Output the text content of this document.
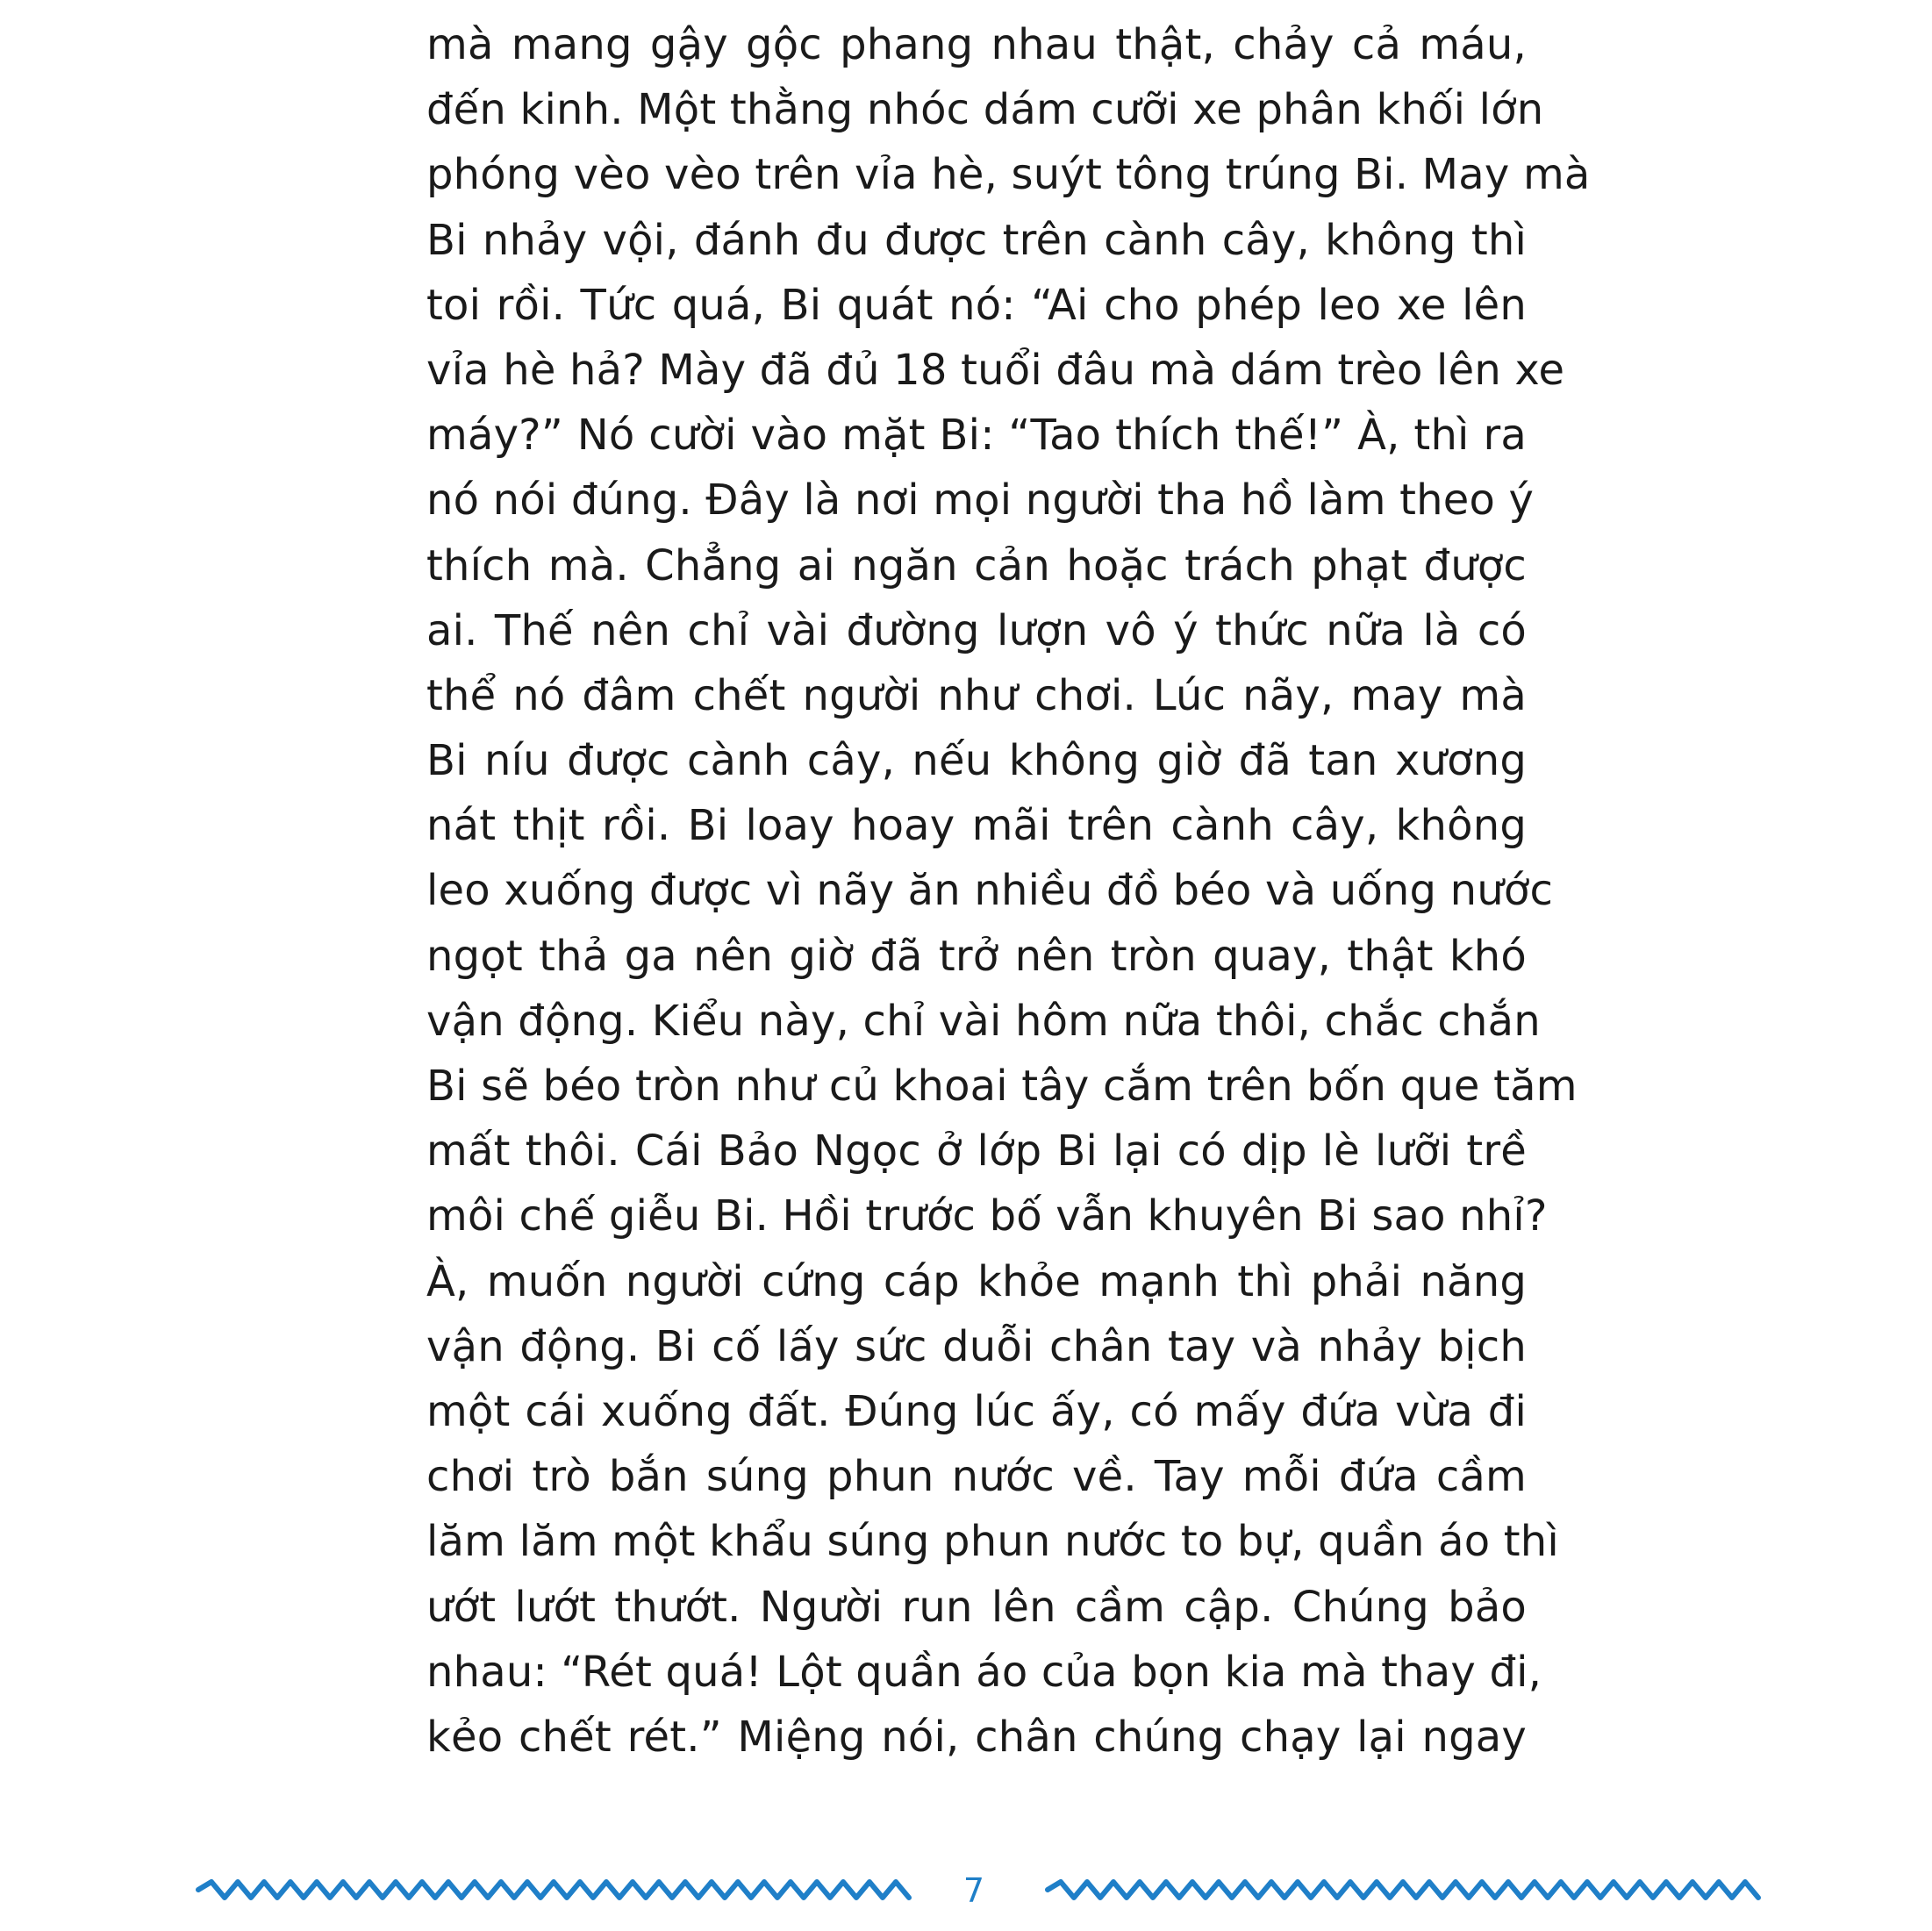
mà mang gậy gộc phang nhau thật, chảy cả máu,
đến kinh. Một thằng nhóc dám cưỡi xe phân khối lớn
phóng vèo vèo trên vỉa hè, suýt tông trúng Bi. May mà
Bi nhảy vội, đánh đu được trên cành cây, không thì
toi rồi. Tức quá, Bi quát nó: “Ai cho phép leo xe lên
vỉa hè hả? Mày đã đủ 18 tuổi đâu mà dám trèo lên xe
máy?” Nó cười vào mặt Bi: “Tao thích thế!” À, thì ra
nó nói đúng. Đây là nơi mọi người tha hồ làm theo ý
thích mà. Chẳng ai ngăn cản hoặc trách phạt được
ai. Thế nên chỉ vài đường lượn vô ý thức nữa là có
thể nó đâm chết người như chơi. Lúc nãy, may mà
Bi níu được cành cây, nếu không giờ đã tan xương
nát thịt rồi. Bi loay hoay mãi trên cành cây, không
leo xuống được vì nãy ăn nhiều đồ béo và uống nước
ngọt thả ga nên giờ đã trở nên tròn quay, thật khó
vận động. Kiểu này, chỉ vài hôm nữa thôi, chắc chắn
Bi sẽ béo tròn như củ khoai tây cắm trên bốn que tăm
mất thôi. Cái Bảo Ngọc ở lớp Bi lại có dịp lè lưỡi trề
môi chế giễu Bi. Hồi trước bố vẫn khuyên Bi sao nhỉ?
À, muốn người cứng cáp khỏe mạnh thì phải năng
vận động. Bi cố lấy sức duỗi chân tay và nhảy bịch
một cái xuống đất. Đúng lúc ấy, có mấy đứa vừa đi
chơi trò bắn súng phun nước về. Tay mỗi đứa cầm
lăm lăm một khẩu súng phun nước to bự, quần áo thì
ướt lướt thướt. Người run lên cầm cập. Chúng bảo
nhau: “Rét quá! Lột quần áo của bọn kia mà thay đi,
kẻo chết rét.” Miệng nói, chân chúng chạy lại ngay
7
